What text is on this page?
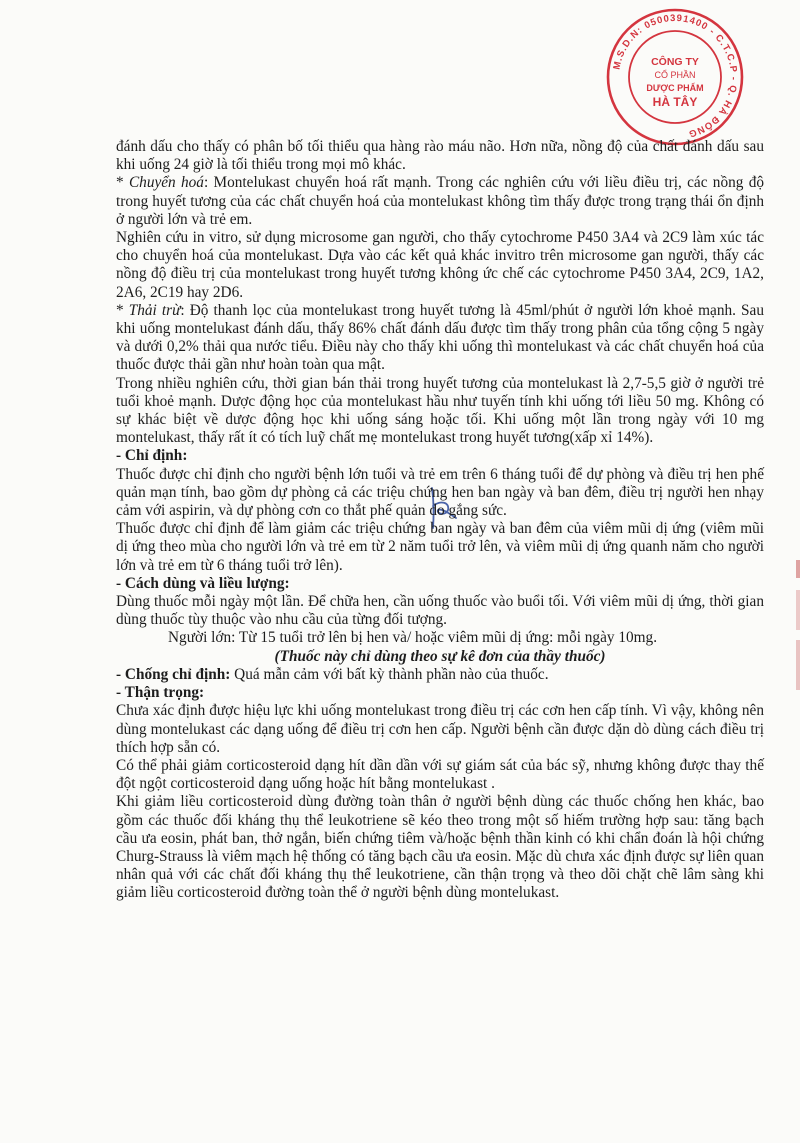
M.S.D.N: 0500391400 - C.T.C.P - Q. HÀ ĐÔNG
CÔNG TY
CỔ PHẦN
DƯỢC PHẨM
HÀ TÂY

đánh dấu cho thấy có phân bố tối thiểu qua hàng rào máu não. Hơn nữa, nồng độ của chất đánh dấu sau khi uống 24 giờ là tối thiểu trong mọi mô khác.

* Chuyển hoá: Montelukast chuyển hoá rất mạnh. Trong các nghiên cứu với liều điều trị, các nồng độ trong huyết tương của các chất chuyển hoá của montelukast không tìm thấy được trong trạng thái ổn định ở người lớn và trẻ em.

Nghiên cứu in vitro, sử dụng microsome gan người, cho thấy cytochrome P450 3A4 và 2C9 làm xúc tác cho chuyển hoá của montelukast. Dựa vào các kết quả khác invitro trên microsome gan người, thấy các nồng độ điều trị của montelukast trong huyết tương không ức chế các cytochrome P450 3A4, 2C9, 1A2, 2A6, 2C19 hay 2D6.

* Thải trừ: Độ thanh lọc của montelukast trong huyết tương là 45ml/phút ở người lớn khoẻ mạnh. Sau khi uống montelukast đánh dấu, thấy 86% chất đánh dấu được tìm thấy trong phân của tổng cộng 5 ngày và dưới 0,2% thải qua nước tiểu. Điều này cho thấy khi uống thì montelukast và các chất chuyển hoá của thuốc được thải gần như hoàn toàn qua mật.

Trong nhiều nghiên cứu, thời gian bán thải trong huyết tương của montelukast là 2,7-5,5 giờ ở người trẻ tuổi khoẻ mạnh. Dược động học của montelukast hầu như tuyến tính khi uống tới liều 50 mg. Không có sự khác biệt về dược động học khi uống sáng hoặc tối. Khi uống một lần trong ngày với 10 mg montelukast, thấy rất ít có tích luỹ chất mẹ montelukast trong huyết tương(xấp xỉ 14%).

- Chỉ định:

Thuốc được chỉ định cho người bệnh lớn tuổi và trẻ em trên 6 tháng tuổi để dự phòng và điều trị hen phế quản mạn tính, bao gồm dự phòng cả các triệu chứng hen ban ngày và ban đêm, điều trị người hen nhạy cảm với aspirin, và dự phòng cơn co thắt phế quản do gắng sức.

Thuốc được chỉ định để làm giảm các triệu chứng ban ngày và ban đêm của viêm mũi dị ứng (viêm mũi dị ứng theo mùa cho người lớn và trẻ em từ 2 năm tuổi trở lên, và viêm mũi dị ứng quanh năm cho người lớn và trẻ em từ 6 tháng tuổi trở lên).

- Cách dùng và liều lượng:

Dùng thuốc mỗi ngày một lần. Để chữa hen, cần uống thuốc vào buổi tối. Với viêm mũi dị ứng, thời gian dùng thuốc tùy thuộc vào nhu cầu của từng đối tượng.

Người lớn: Từ 15 tuổi trở lên bị hen và/ hoặc viêm mũi dị ứng: mỗi ngày 10mg.

(Thuốc này chỉ dùng theo sự kê đơn của thầy thuốc)

- Chống chỉ định: Quá mẫn cảm với bất kỳ thành phần nào của thuốc.

- Thận trọng:

Chưa xác định được hiệu lực khi uống montelukast trong điều trị các cơn hen cấp tính. Vì vậy, không nên dùng montelukast các dạng uống để điều trị cơn hen cấp. Người bệnh cần được dặn dò dùng cách điều trị thích hợp sẵn có.

Có thể phải giảm corticosteroid dạng hít dần dần với sự giám sát của bác sỹ, nhưng không được thay thế đột ngột corticosteroid dạng uống hoặc hít bằng montelukast .

Khi giảm liều corticosteroid dùng đường toàn thân ở người bệnh dùng các thuốc chống hen khác, bao gồm các thuốc đối kháng thụ thể leukotriene sẽ kéo theo trong một số hiếm trường hợp sau: tăng bạch cầu ưa eosin, phát ban, thở ngắn, biến chứng tiêm và/hoặc bệnh thần kinh có khi chẩn đoán là hội chứng Churg-Strauss là viêm mạch hệ thống có tăng bạch cầu ưa eosin. Mặc dù chưa xác định được sự liên quan nhân quả với các chất đối kháng thụ thể leukotriene, cần thận trọng và theo dõi chặt chẽ lâm sàng khi giảm liều corticosteroid đường toàn thể ở người bệnh dùng montelukast.
